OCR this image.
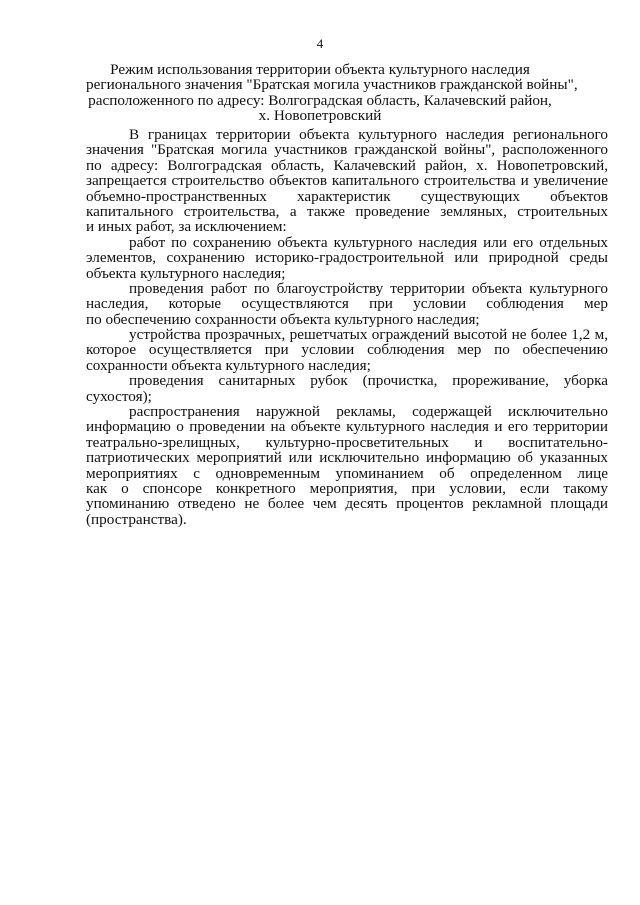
4
Режим использования территории объекта культурного наследия
регионального значения "Братская могила участников гражданской войны",
расположенного по адресу: Волгоградская область, Калачевский район,
х. Новопетровский
В границах территории объекта культурного наследия регионального
значения "Братская могила участников гражданской войны", расположенного
по адресу: Волгоградская область, Калачевский район, х. Новопетровский,
запрещается строительство объектов капитального строительства и увеличение
объемно-пространственных характеристик существующих объектов
капитального строительства, а также проведение земляных, строительных
и иных работ, за исключением:
работ по сохранению объекта культурного наследия или его отдельных
элементов, сохранению историко-градостроительной или природной среды
объекта культурного наследия;
проведения работ по благоустройству территории объекта культурного
наследия, которые осуществляются при условии соблюдения мер
по обеспечению сохранности объекта культурного наследия;
устройства прозрачных, решетчатых ограждений высотой не более 1,2 м,
которое осуществляется при условии соблюдения мер по обеспечению
сохранности объекта культурного наследия;
проведения санитарных рубок (прочистка, прореживание, уборка
сухостоя);
распространения наружной рекламы, содержащей исключительно
информацию о проведении на объекте культурного наследия и его территории
театрально-зрелищных, культурно-просветительных и воспитательно-
патриотических мероприятий или исключительно информацию об указанных
мероприятиях с одновременным упоминанием об определенном лице
как о спонсоре конкретного мероприятия, при условии, если такому
упоминанию отведено не более чем десять процентов рекламной площади
(пространства).
